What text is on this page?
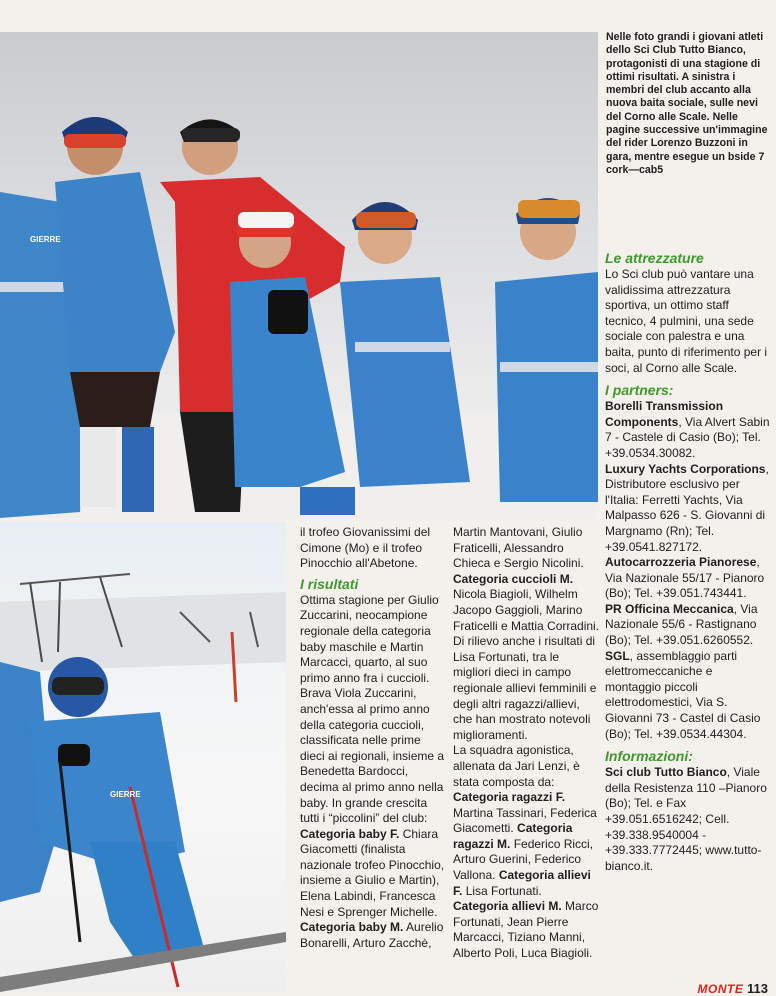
GIERRE
GIERRE

Nelle foto grandi i giovani atleti dello Sci Club Tutto Bianco, protagonisti di una stagione di ottimi risultati. A sinistra i membri del club accanto alla nuova baita sociale, sulle nevi del Corno alle Scale. Nelle pagine successive un'immagine del rider Lorenzo Buzzoni in gara, mentre esegue un bside 7 cork—cab5

il trofeo Giovanissimi del Cimone (Mo) e il trofeo Pinocchio all'Abetone.

I risultati

Ottima stagione per Giulio Zuccarini, neocampione regionale della categoria baby maschile e Martin Marcacci, quarto, al suo primo anno fra i cuccioli. Brava Viola Zuccarini, anch'essa al primo anno della categoria cuccioli, classificata nelle prime dieci ai regionali, insieme a Benedetta Bardocci, decima al primo anno nella baby. In grande crescita tutti i “piccolini” del club:

Categoria baby F. Chiara Giacometti (finalista nazionale trofeo Pinocchio, insieme a Giulio e Martin), Elena Labindi, Francesca Nesi e Sprenger Michelle.

Categoria baby M. Aurelio Bonarelli, Arturo Zacchè,

Martin Mantovani, Giulio Fraticelli, Alessandro Chieca e Sergio Nicolini.

Categoria cuccioli M. Nicola Biagioli, Wilhelm Jacopo Gaggioli, Marino Fraticelli e Mattia Corradini.

Di rilievo anche i risultati di Lisa Fortunati, tra le migliori dieci in campo regionale allievi femminili e degli altri ragazzi/allievi, che han mostrato notevoli miglioramenti.

La squadra agonistica, allenata da Jari Lenzi, è stata composta da: Categoria ragazzi F. Martina Tassinari, Federica Giacometti. Categoria ragazzi M. Federico Ricci, Arturo Guerini, Federico Vallona. Categoria allievi F. Lisa Fortunati. Categoria allievi M. Marco Fortunati, Jean Pierre Marcacci, Tiziano Manni, Alberto Poli, Luca Biagioli.

Le attrezzature

Lo Sci club può vantare una validissima attrezzatura sportiva, un ottimo staff tecnico, 4 pulmini, una sede sociale con palestra e una baita, punto di riferimento per i soci, al Corno alle Scale.

I partners:

Borelli Transmission Components, Via Alvert Sabin 7 - Castele di Casio (Bo); Tel. +39.0534.30082.

Luxury Yachts Corporations, Distributore esclusivo per l'Italia: Ferretti Yachts, Via Malpasso 626 - S. Giovanni di Margnamo (Rn); Tel. +39.0541.827172.

Autocarrozzeria Pianorese, Via Nazionale 55/17 - Pianoro (Bo); Tel. +39.051.743441.

PR Officina Meccanica, Via Nazionale 55/6 - Rastignano (Bo); Tel. +39.051.6260552.

SGL, assemblaggio parti elettromeccaniche e montaggio piccoli elettrodomestici, Via S. Giovanni 73 - Castel di Casio (Bo); Tel. +39.0534.44304.

Informazioni:

Sci club Tutto Bianco, Viale della Resistenza 110 –Pianoro (Bo); Tel. e Fax +39.051.6516242; Cell. +39.338.9540004 - +39.333.7772445; www.tutto-bianco.it.

MONTE 113
